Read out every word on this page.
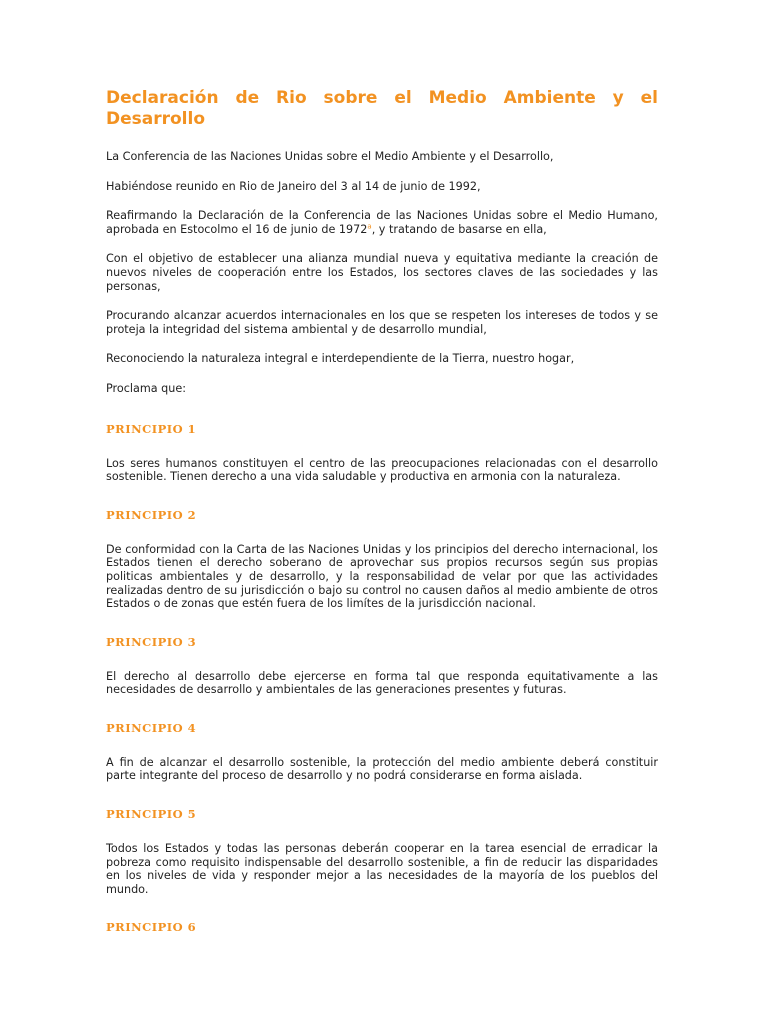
Declaración de Rio sobre el Medio Ambiente y el Desarrollo

La Conferencia de las Naciones Unidas sobre el Medio Ambiente y el Desarrollo,

Habiéndose reunido en Rio de Janeiro del 3 al 14 de junio de 1992,

Reafirmando la Declaración de la Conferencia de las Naciones Unidas sobre el Medio Humano, aprobada en Estocolmo el 16 de junio de 1972$^a$, y tratando de basarse en ella,

Con el objetivo de establecer una alianza mundial nueva y equitativa mediante la creación de nuevos niveles de cooperación entre los Estados, los sectores claves de las sociedades y las personas,

Procurando alcanzar acuerdos internacionales en los que se respeten los intereses de todos y se proteja la integridad del sistema ambiental y de desarrollo mundial,

Reconociendo la naturaleza integral e interdependiente de la Tierra, nuestro hogar,

Proclama que:

PRINCIPIO 1

Los seres humanos constituyen el centro de las preocupaciones relacionadas con el desarrollo sostenible. Tienen derecho a una vida saludable y productiva en armonia con la naturaleza.

PRINCIPIO 2

De conformidad con la Carta de las Naciones Unidas y los principios del derecho internacional, los Estados tienen el derecho soberano de aprovechar sus propios recursos según sus propias politicas ambientales y de desarrollo, y la responsabilidad de velar por que las actividades realizadas dentro de su jurisdicción o bajo su control no causen daños al medio ambiente de otros Estados o de zonas que estén fuera de los limítes de la jurisdicción nacional.

PRINCIPIO 3

El derecho al desarrollo debe ejercerse en forma tal que responda equitativamente a las necesidades de desarrollo y ambientales de las generaciones presentes y futuras.

PRINCIPIO 4

A fin de alcanzar el desarrollo sostenible, la protección del medio ambiente deberá constituir parte integrante del proceso de desarrollo y no podrá considerarse en forma aislada.

PRINCIPIO 5

Todos los Estados y todas las personas deberán cooperar en la tarea esencial de erradicar la pobreza como requisito indispensable del desarrollo sostenible, a fin de reducir las disparidades en los niveles de vida y responder mejor a las necesidades de la mayoría de los pueblos del mundo.

PRINCIPIO 6
